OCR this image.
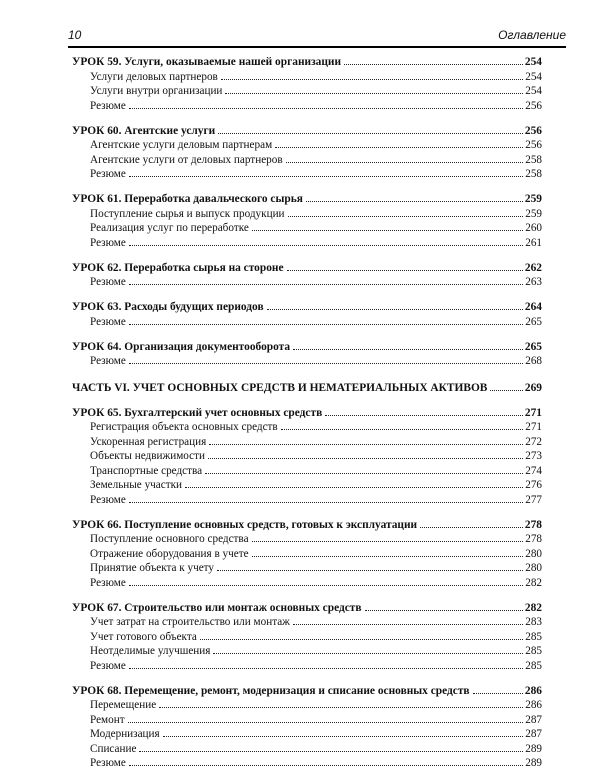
10	Оглавление
УРОК 59. Услуги, оказываемые нашей организации	254
Услуги деловых партнеров	254
Услуги внутри организации	254
Резюме	256
УРОК 60. Агентские услуги	256
Агентские услуги деловым партнерам	256
Агентские услуги от деловых партнеров	258
Резюме	258
УРОК 61. Переработка давальческого сырья	259
Поступление сырья и выпуск продукции	259
Реализация услуг по переработке	260
Резюме	261
УРОК 62. Переработка сырья на стороне	262
Резюме	263
УРОК 63. Расходы будущих периодов	264
Резюме	265
УРОК 64. Организация документооборота	265
Резюме	268
ЧАСТЬ VI. УЧЕТ ОСНОВНЫХ СРЕДСТВ И НЕМАТЕРИАЛЬНЫХ АКТИВОВ	269
УРОК 65. Бухгалтерский учет основных средств	271
Регистрация объекта основных средств	271
Ускоренная регистрация	272
Объекты недвижимости	273
Транспортные средства	274
Земельные участки	276
Резюме	277
УРОК 66. Поступление основных средств, готовых к эксплуатации	278
Поступление основного средства	278
Отражение оборудования в учете	280
Принятие объекта к учету	280
Резюме	282
УРОК 67. Строительство или монтаж основных средств	282
Учет затрат на строительство или монтаж	283
Учет готового объекта	285
Неотделимые улучшения	285
Резюме	285
УРОК 68. Перемещение, ремонт, модернизация и списание основных средств	286
Перемещение	286
Ремонт	287
Модернизация	287
Списание	289
Резюме	289
